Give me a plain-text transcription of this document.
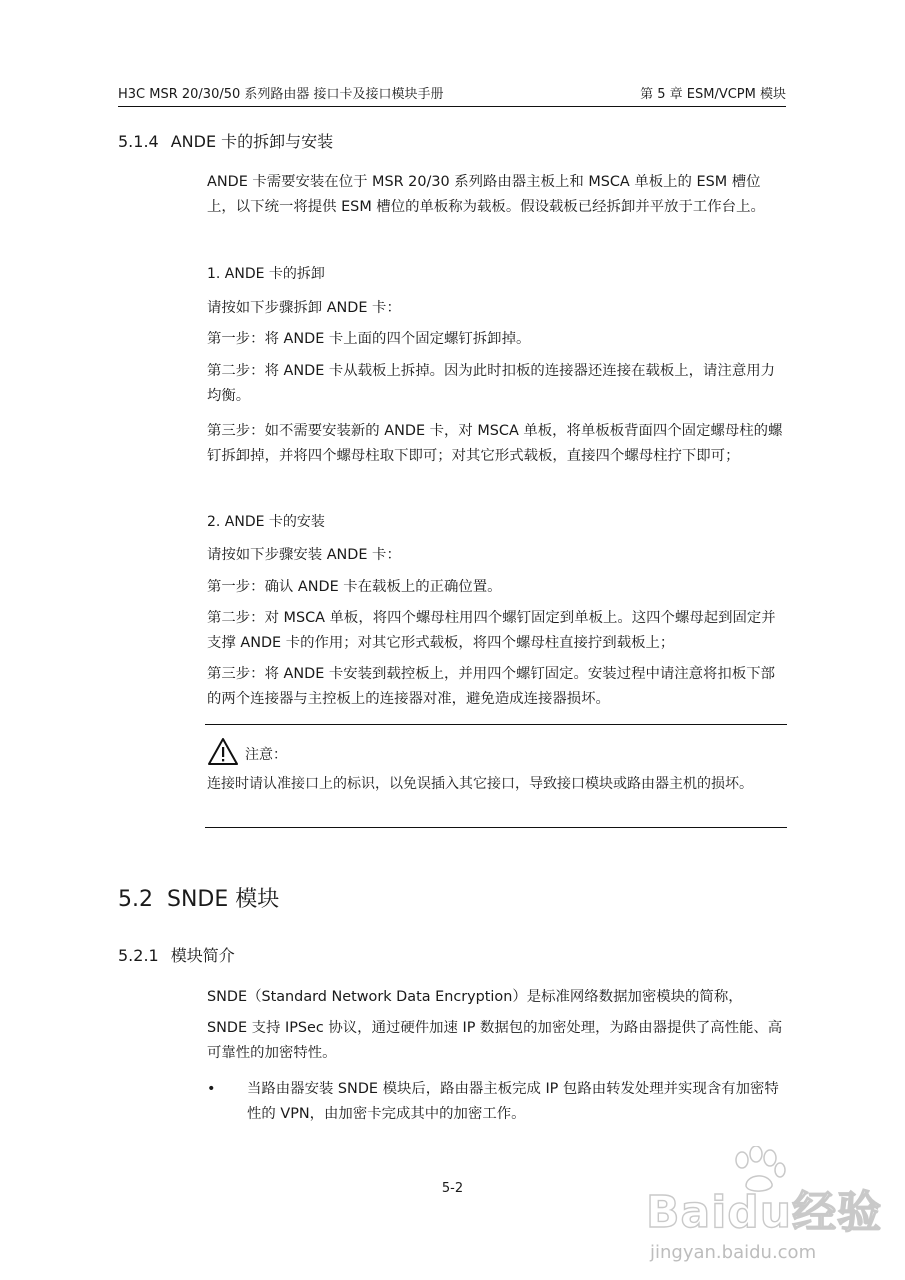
H3C MSR 20/30/50 系列路由器 接口卡及接口模块手册	第 5 章 ESM/VCPM 模块
5.1.4 ANDE 卡的拆卸与安装
ANDE 卡需要安装在位于 MSR 20/30 系列路由器主板上和 MSCA 单板上的 ESM 槽位上，以下统一将提供 ESM 槽位的单板称为载板。假设载板已经拆卸并平放于工作台上。
1. ANDE 卡的拆卸
请按如下步骤拆卸 ANDE 卡：
第一步：将 ANDE 卡上面的四个固定螺钉拆卸掉。
第二步：将 ANDE 卡从载板上拆掉。因为此时扣板的连接器还连接在载板上，请注意用力均衡。
第三步：如不需要安装新的 ANDE 卡，对 MSCA 单板，将单板板背面四个固定螺母柱的螺钉拆卸掉，并将四个螺母柱取下即可；对其它形式载板，直接四个螺母柱拧下即可；
2. ANDE 卡的安装
请按如下步骤安装 ANDE 卡：
第一步：确认 ANDE 卡在载板上的正确位置。
第二步：对 MSCA 单板，将四个螺母柱用四个螺钉固定到单板上。这四个螺母起到固定并支撑 ANDE 卡的作用；对其它形式载板，将四个螺母柱直接拧到载板上；
第三步：将 ANDE 卡安装到载控板上，并用四个螺钉固定。安装过程中请注意将扣板下部的两个连接器与主控板上的连接器对准，避免造成连接器损坏。
注意：
连接时请认准接口上的标识，以免误插入其它接口，导致接口模块或路由器主机的损坏。
5.2 SNDE 模块
5.2.1 模块简介
SNDE（Standard Network Data Encryption）是标准网络数据加密模块的简称，
SNDE 支持 IPSec 协议，通过硬件加速 IP 数据包的加密处理，为路由器提供了高性能、高可靠性的加密特性。
• 当路由器安装 SNDE 模块后，路由器主板完成 IP 包路由转发处理并实现含有加密特性的 VPN，由加密卡完成其中的加密工作。
5-2	Baidu经验
jingyan.baidu.com
